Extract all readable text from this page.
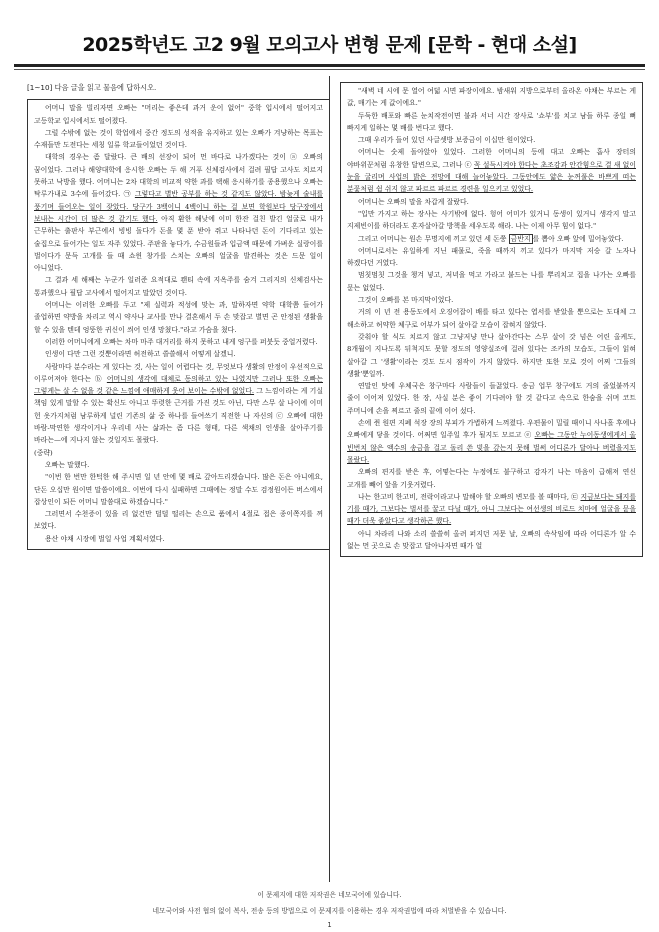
2025학년도 고2 9월 모의고사 변형 문제 [문학 - 현대 소설]
[1~10] 다음 글을 읽고 물음에 답하시오.

어머니 말을 빌리자면 오빠는 "머리는 좋은데 과거 운이 없어" 중학 입시에서 떨어지고 고등학교 입시에서도 떨어졌다.

그럴 수밖에 없는 것이 학업에서 중간 정도의 성적을 유지하고 있는 오빠가 겨냥하는 목표는 수재들만 도전다는 세칭 일류 학교들이었던 것이다.

대학의 경우는 좀 달랐다. 큰 배의 선장이 되어 먼 바다로 나가겠다는 것이 ⓐ 오빠의 꿈이었다. 그러나 해양대학에 응시한 오빠는 두 해 거푸 신체검사에서 걸려 필답 고사도 치르지 못하고 낙방을 했다. 어머니는 2차 대학의 비교적 약한 과를 택해 응시하기를 종용했으나 오빠는 탁루가내로 3수에 들어갔다. ㉠ 그렇다고 별반 공부를 하는 것 같지도 않았다. 밤늦게 술내를 풍기며 들어오는 일이 잦았다. 당구가 3백이니 4백이니 하는 걸 보면 학원보다 당구장에서 보내는 시간이 더 많은 것 같기도 했다. 아직 환한 해낮에 이미 한잔 걸친 발긴 얼굴로 내가 근무하는 출판사 부근에서 빙빙 돌다가 돈을 몇 푼 받아 쥐고 나타나던 돈이 기다리고 있는 술집으로 들어가는 일도 자주 있었다. 주판을 놓다가, 수금원들과 입금액 때문에 가벼운 실랑이를 벌이다가 문득 고개를 들 때 쇼윈 창가를 스치는 오빠의 얼굴을 발견하는 것은 드문 일이 아니었다.

그 결과 세 해째는 누군가 일러준 요적대로 꽨티 속에 지옥주를 숨겨 그리지의 신체검사는 통과했으나 필답 고사에서 떨어지고 말았던 것이다.

어머니는 이러한 오빠를 두고 "제 실력과 적성에 맞는 과, 말하자면 약학 대학쯤 들어가 졸업하면 약방을 차리고 역시 약사나 교사를 만나 결혼해서 두 손 맞잡고 별면 곤 안정된 생활을 할 수 있을 텐데 엉뚱한 귀신이 씌어 인생 망쳤다."라고 가슴을 쳤다.

이러한 어머니에게 오빠는 차마 마주 대거리를 하지 못하고 내게 엉구를 퍼붓듯 중얼거렸다.

인생이 다만 그런 것뿐이라면 허전하고 쓸쓸해서 어떻게 살겠니.

사람마다 분수라는 게 있다는 것, 사는 일이 어렵다는 것, 무엇보다 생활의 안정이 우선적으로 이루어져야 한다는 ⓑ 어머니의 생각에 대체로 동의하고 있는 나였지만 그러나 또한 오빠는 그렇게는 살 수 없을 것 같은 느낌에 애매하게 웃어 보이는 수밖에 없었다. 그 느낌이라는 게 기실 책임 있게 말할 수 있는 확신도 아니고 뚜렷한 근거를 가진 것도 아닌, 다만 스무 살 나이에 이미 헌 옷가지처럼 남루하게 널린 기존의 삶 중 하나를 들여쓰기 직전한 나 자신의 ⓒ 오빠에 대한 바람-막연한 생각이거나 우리네 사는 삶과는 좀 다른 형태, 다른 색채의 인생을 살아주기를 바라는—에 지나지 않는 것일지도 몰랐다.

(중략)

오빠는 말했다.

"이번 한 번만 한턱한 해 주시면 일 년 안에 몇 배로 갚아드리겠습니다. 많은 돈은 아니에요, 단돈 오십만 원이면 말씀이에요. 이번에 다시 실패하면 그때에는 정말 수도 검정원이든 버스에서 잡상인이 되든 어머니 말씀대로 하겠습니다."

그러면서 수천증이 있을 리 없건만 덜덜 떨리는 손으로 품에서 4절로 접은 종이쪽지를 꺼 보였다.

용산 야채 시장에 벌일 사업 계획서였다.

"새벽 네 시에 문 열어 여덟 시면 파장이에요. 밤새워 지방으로부터 올라온 야채는 부르는 게 값, 매기는 게 값이에요."

두둑한 배포와 빠른 눈치작전이면 불과 서너 시간 장사로 '쇼부'를 치고 남들 하루 종일 뼈 빠지게 일하는 몇 배를 번다고 했다.

그때 우리가 들어 있던 사글셋방 보증금이 이십만 원이었다.

어머니는 숫제 돌아앉아 있었다. 그러한 어머니의 등에 대고 오빠는 흡사 장터의 야바위꾼처럼 유창한 달변으로, 그러나 ⓒ 꼭 설득시켜야 한다는 초조감과 안간힘으로 결 새 없이 눈을 굴리며 사업의 밝은 전망에 대해 늘어놓았다. 그동안에도 얇은 눈꺼풀은 바쁘게 떠는 분꽃처럼 쉼 쉬지 않고 파르르 파르르 경련을 일으키고 있었다.

어머니는 오빠의 말을 차갑게 잘랐다.

"입만 가지고 하는 장사는 사기밖에 없다. 헝어 어미가 있거니 동생이 있거니 생각지 말고 지제빈이를 하더라도 혼자살아갈 방책을 세우도록 해라. 나는 이제 아무 힘이 없다."

그리고 어머니는 원손 무명지에 끼고 있던 세 돈쭝 금반지 를 뽑아 오빠 앞에 밀어놓았다.

어머니로서는 유일하게 지닌 패물로, 죽을 때까지 끼고 있다가 마지막 저승 갈 노자나 하겠다던 거였다.

멈칫멈칫 그것을 챙겨 넣고, 저녁을 먹고 가라고 붙드는 나를 뿌리치고 집을 나가는 오빠를 묻는 없었다.

그것이 오빠를 본 마지막이었다.

거의 이 년 전 용동도에서 오징어잡이 배를 타고 있다는 엽서를 받았을 뿐으로는 도대체 그 해소하고 허약한 체구로 어부가 되어 살아갈 모습이 잡혀지 않았다.

갖춰야 할 식도 치르지 않고 그냥저냥 만나 살아간다는 스무 살이 갓 넘은 어린 올케도, 8개월이 지나도록 뒤척지도 못할 정도의 영양실조에 걸려 있다는 조카의 모습도, 그들이 읽혀 살아갈 그 '생활'이라는 것도 도시 점작이 가지 않았다. 하지만 또한 모로 것이 어찌 '그들의 생활'뿐일까.

연말인 탓에 우체국은 창구마다 사람들이 들끓었다. 송금 업무 창구에도 거의 줄었붙까지 줄이 이어져 있었다. 한 장, 사실 분은 좋이 기다려야 할 것 같다고 속으로 한숨을 쉬며 코트 주머니에 손을 찌르고 줄의 끝에 이어 섰다.

손에 쥔 원편 지폐 석장 장의 부피가 가볍하게 느껴졌다. 우편물이 밀릴 때이니 사나흘 후에나 오빠에게 닿을 것이다. 어쩌면 일주일 후가 될지도 모르고 ⓔ 오빠는 그동안 누이동생에게서 올 빈번치 않은 액수의 송금을 걸고 돌리 쓴 빚을 갚는지 못해 벌써 어디론가 달아나 버렸을지도 몰랐다.

오빠의 편지를 받은 후, 어떻는다는 누정에도 불구하고 감자기 나는 마음이 급해져 연신 고개를 빼어 앞을 기웃거렸다.

나는 한고비 한고비, 전락이라고나 말해야 할 오빠의 변모를 볼 때마다, ㉢ 지금보다는 돼지를 기를 때가, 그보다는 벌서를 꿀고 다닐 때가, 아니 그보다는 여선생의 비로드 치마에 얼굴을 묻을 때가 더욱 좋았다고 생각하곤 했다.

아니 차라리 나와 소리 쓸쓸히 올려 퍼지던 저문 날, 오빠의 속삭임에 따라 어디론가 알 수 없는 먼 곳으로 손 맞잡고 달아나자면 때가 얼

이 문제지에 대한 저작권은 네모국어에 있습니다.
네모국어와 사전 협의 없이 복사, 전송 등의 방법으로 이 문제지를 이용하는 경우 저작권법에 따라 처벌받을 수 있습니다.
1
